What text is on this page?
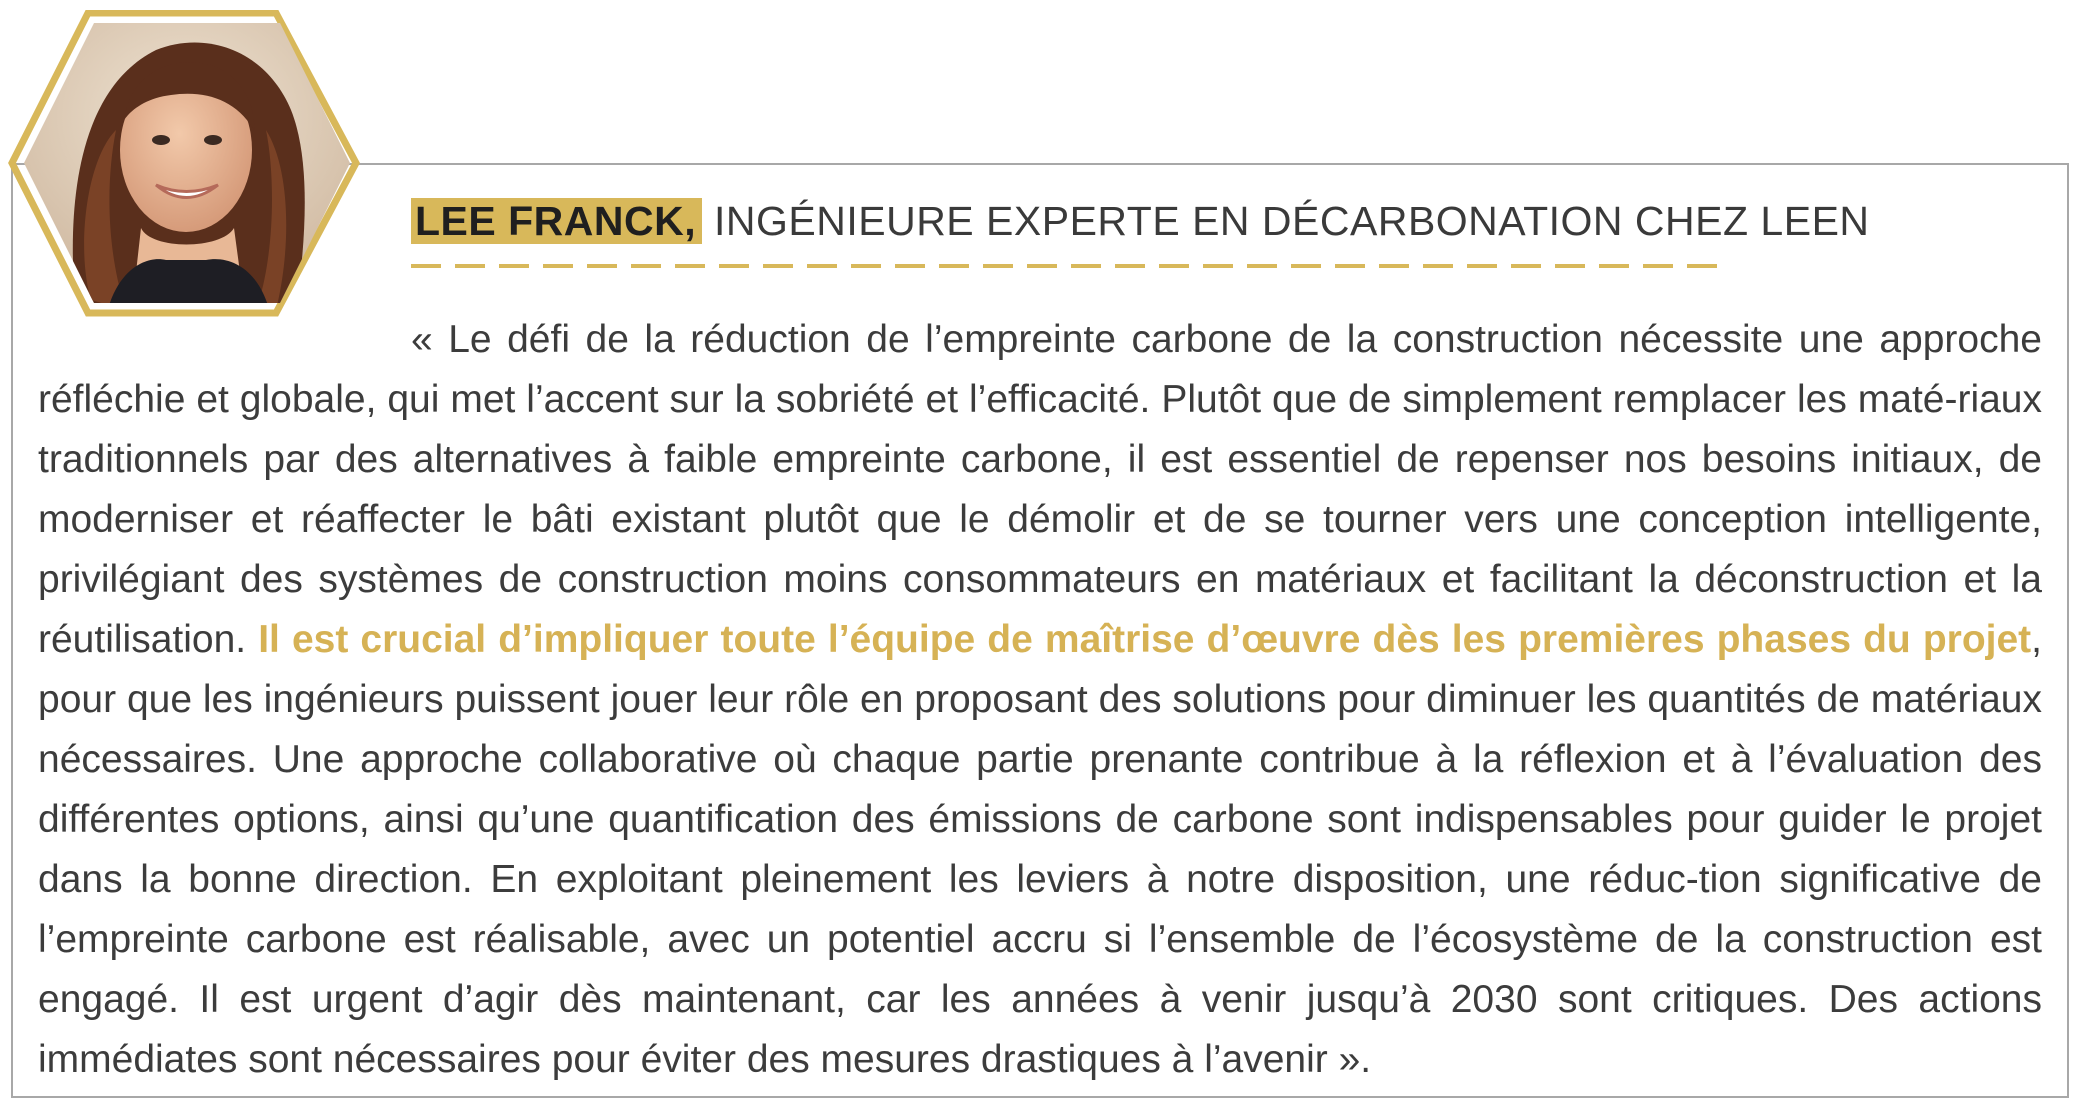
LEE FRANCK, INGÉNIEURE EXPERTE EN DÉCARBONATION CHEZ LEEN

« Le défi de la réduction de l’empreinte carbone de la construction nécessite une approche réfléchie et globale, qui met l’accent sur la sobriété et l’efficacité. Plutôt que de simplement remplacer les maté-riaux traditionnels par des alternatives à faible empreinte carbone, il est essentiel de repenser nos besoins initiaux, de moderniser et réaffecter le bâti existant plutôt que le démolir et de se tourner vers une conception intelligente, privilégiant des systèmes de construction moins consommateurs en matériaux et facilitant la déconstruction et la réutilisation. Il est crucial d’impliquer toute l’équipe de maîtrise d’œuvre dès les premières phases du projet, pour que les ingénieurs puissent jouer leur rôle en proposant des solutions pour diminuer les quantités de matériaux nécessaires. Une approche collaborative où chaque partie prenante contribue à la réflexion et à l’évaluation des différentes options, ainsi qu’une quantification des émissions de carbone sont indispensables pour guider le projet dans la bonne direction. En exploitant pleinement les leviers à notre disposition, une réduc-tion significative de l’empreinte carbone est réalisable, avec un potentiel accru si l’ensemble de l’écosystème de la construction est engagé. Il est urgent d’agir dès maintenant, car les années à venir jusqu’à 2030 sont critiques. Des actions immédiates sont nécessaires pour éviter des mesures drastiques à l’avenir ».
